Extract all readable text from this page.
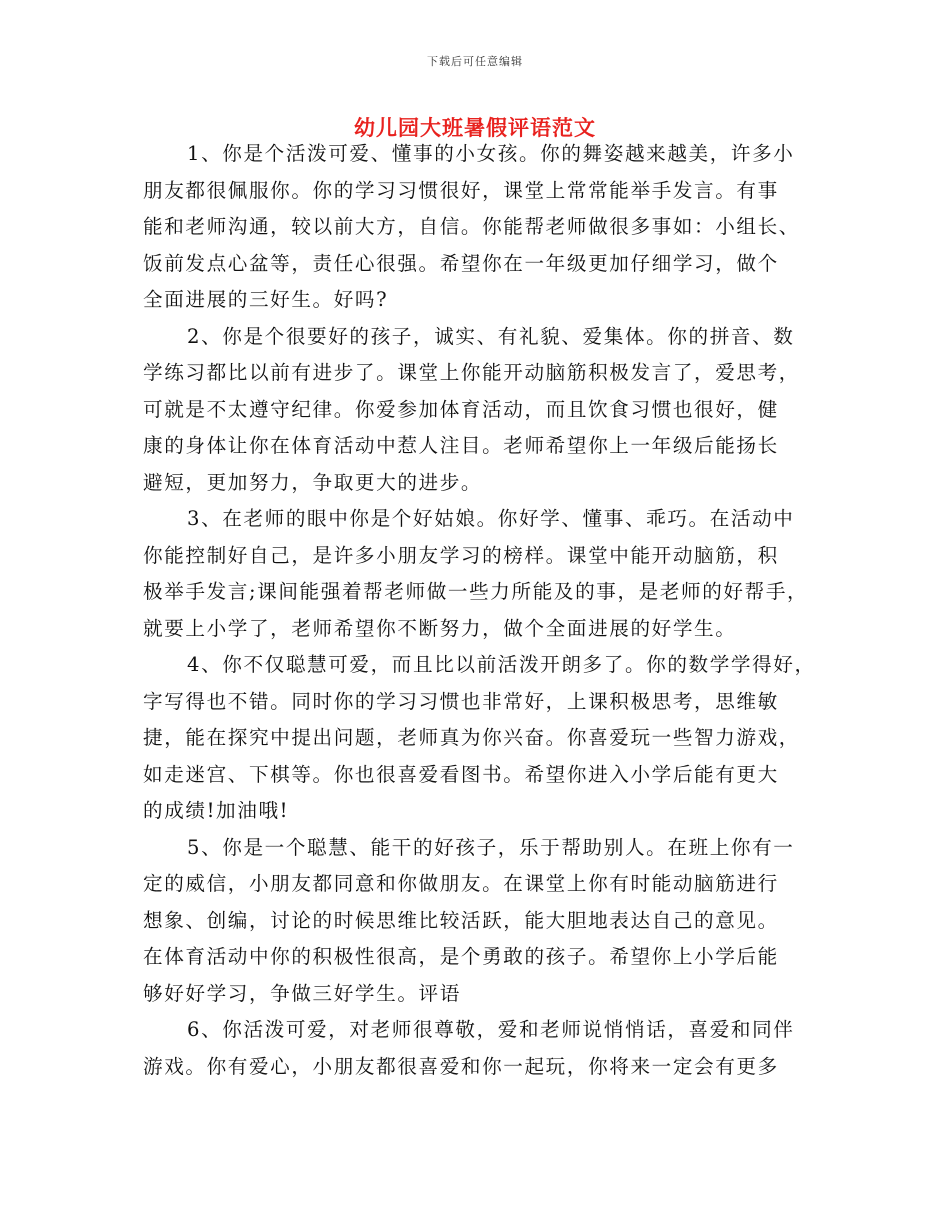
下载后可任意编辑
幼儿园大班暑假评语范文

1、你是个活泼可爱、懂事的小女孩。你的舞姿越来越美，许多小
朋友都很佩服你。你的学习习惯很好，课堂上常常能举手发言。有事
能和老师沟通，较以前大方，自信。你能帮老师做很多事如：小组长、
饭前发点心盆等，责任心很强。希望你在一年级更加仔细学习，做个
全面进展的三好生。好吗?

2、你是个很要好的孩子，诚实、有礼貌、爱集体。你的拼音、数
学练习都比以前有进步了。课堂上你能开动脑筋积极发言了，爱思考，
可就是不太遵守纪律。你爱参加体育活动，而且饮食习惯也很好，健
康的身体让你在体育活动中惹人注目。老师希望你上一年级后能扬长
避短，更加努力，争取更大的进步。

3、在老师的眼中你是个好姑娘。你好学、懂事、乖巧。在活动中
你能控制好自己，是许多小朋友学习的榜样。课堂中能开动脑筋，积
极举手发言;课间能强着帮老师做一些力所能及的事，是老师的好帮手，
就要上小学了，老师希望你不断努力，做个全面进展的好学生。

4、你不仅聪慧可爱，而且比以前活泼开朗多了。你的数学学得好，
字写得也不错。同时你的学习习惯也非常好，上课积极思考，思维敏
捷，能在探究中提出问题，老师真为你兴奋。你喜爱玩一些智力游戏，
如走迷宫、下棋等。你也很喜爱看图书。希望你进入小学后能有更大
的成绩!加油哦!

5、你是一个聪慧、能干的好孩子，乐于帮助别人。在班上你有一
定的威信，小朋友都同意和你做朋友。在课堂上你有时能动脑筋进行
想象、创编，讨论的时候思维比较活跃，能大胆地表达自己的意见。
在体育活动中你的积极性很高，是个勇敢的孩子。希望你上小学后能
够好好学习，争做三好学生。评语

6、你活泼可爱，对老师很尊敬，爱和老师说悄悄话，喜爱和同伴
游戏。你有爱心，小朋友都很喜爱和你一起玩，你将来一定会有更多
